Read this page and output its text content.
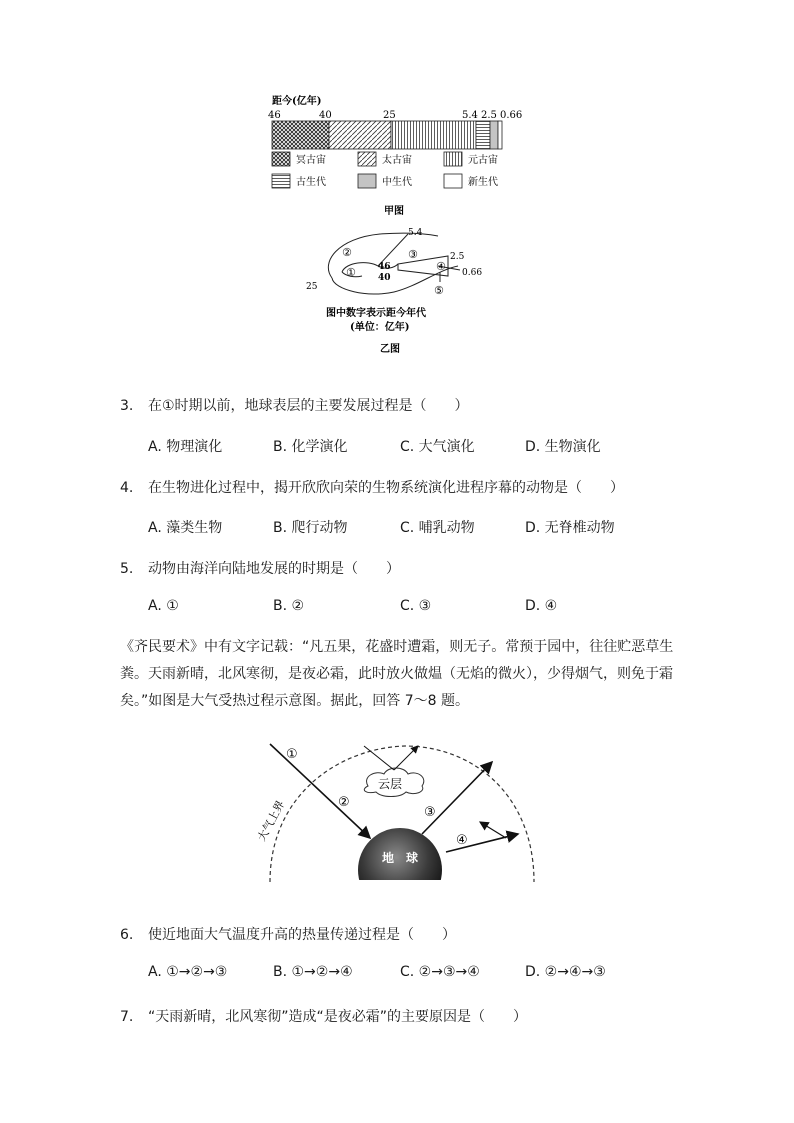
距今(亿年)
46	40	25	5.4 2.5 0.66
冥古宙	太古宙	元古宙
古生代	中生代	新生代
甲图
5.4
2.5
0.66
46
40
25
②	③
④
①
⑤
图中数字表示距今年代
(单位：亿年)
乙图
3. 在①时期以前，地球表层的主要发展过程是（　　）
A. 物理演化	B. 化学演化	C. 大气演化	D. 生物演化
4. 在生物进化过程中，揭开欣欣向荣的生物系统演化进程序幕的动物是（　　）
A. 藻类生物	B. 爬行动物	C. 哺乳动物	D. 无脊椎动物
5. 动物由海洋向陆地发展的时期是（　　）
A. ①	B. ②	C. ③	D. ④
《齐民要术》中有文字记载：“凡五果，花盛时遭霜，则无子。常预于园中，往往贮恶草生
粪。天雨新晴，北风寒彻，是夜必霜，此时放火做煴（无焰的微火），少得烟气，则免于霜
矣。”如图是大气受热过程示意图。据此，回答 7～8 题。
地　球
云层
①
②
③
④
大气上界
6. 使近地面大气温度升高的热量传递过程是（　　）
A. ①→②→③	B. ①→②→④	C. ②→③→④	D. ②→④→③
7. “天雨新晴，北风寒彻”造成“是夜必霜”的主要原因是（　　）
